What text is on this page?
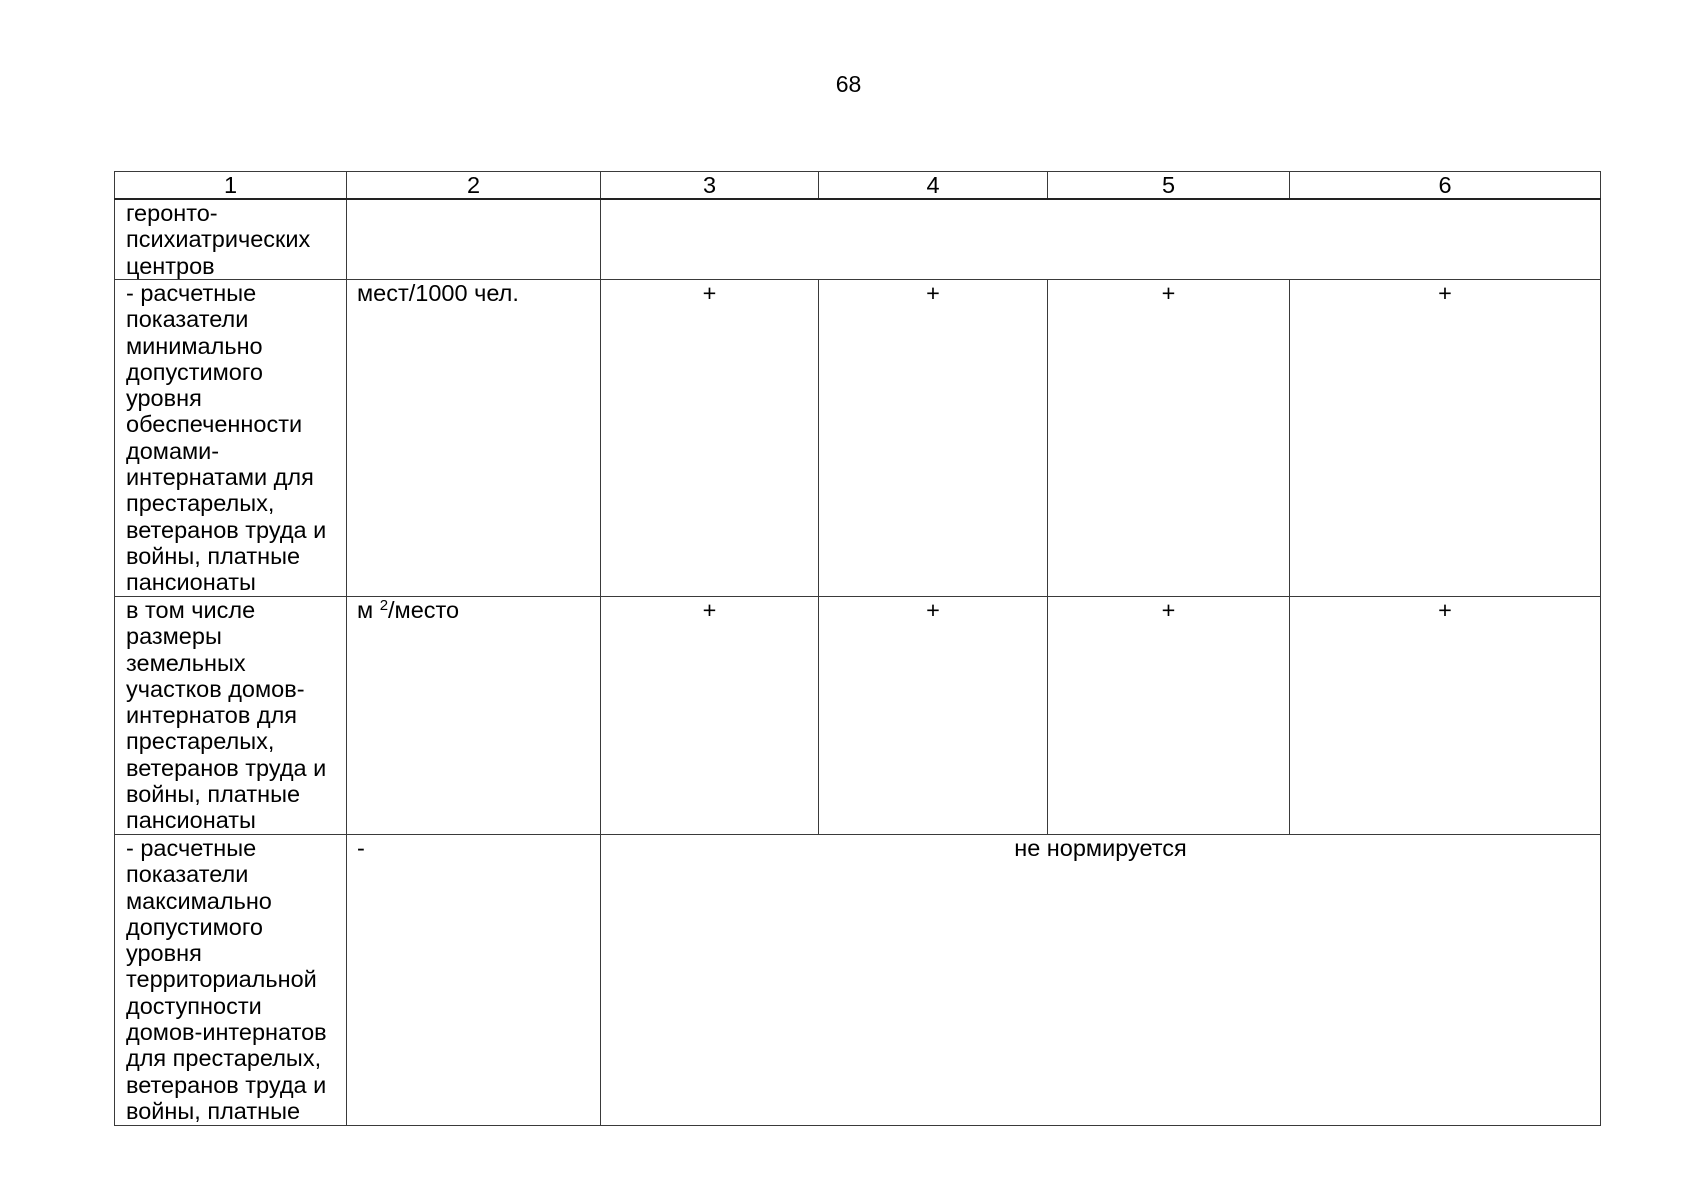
68
1	2	3	4	5	6

геронто-психиатрических центров					

- расчетные показатели минимально допустимого уровня обеспеченности домами-интернатами для престарелых, ветеранов труда и войны, платные пансионаты	мест/1000 чел.	+	+	+	+

в том числе размеры земельных участков домов-интернатов для престарелых, ветеранов труда и войны, платные пансионаты	м $^2$/место	+	+	+	+

- расчетные показатели максимально допустимого уровня территориальной доступности домов-интернатов для престарелых, ветеранов труда и войны, платные	-	не нормируется			
